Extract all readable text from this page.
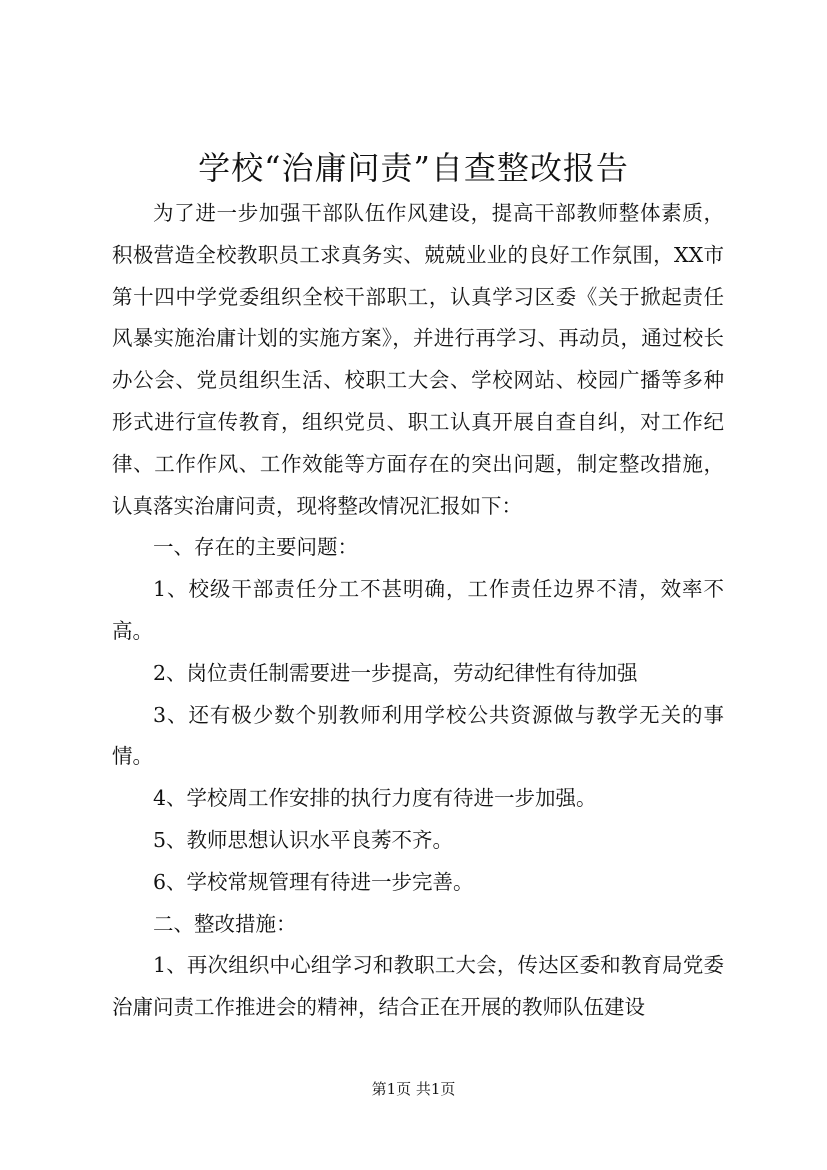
学校“治庸问责”自查整改报告

为了进一步加强干部队伍作风建设，提高干部教师整体素质，积极营造全校教职员工求真务实、兢兢业业的良好工作氛围，XX市第十四中学党委组织全校干部职工，认真学习区委《关于掀起责任风暴实施治庸计划的实施方案》，并进行再学习、再动员，通过校长办公会、党员组织生活、校职工大会、学校网站、校园广播等多种形式进行宣传教育，组织党员、职工认真开展自查自纠，对工作纪律、工作作风、工作效能等方面存在的突出问题，制定整改措施，认真落实治庸问责，现将整改情况汇报如下：

一、存在的主要问题：

1、校级干部责任分工不甚明确，工作责任边界不清，效率不高。

2、岗位责任制需要进一步提高，劳动纪律性有待加强

3、还有极少数个别教师利用学校公共资源做与教学无关的事情。

4、学校周工作安排的执行力度有待进一步加强。

5、教师思想认识水平良莠不齐。

6、学校常规管理有待进一步完善。

二、整改措施：

1、再次组织中心组学习和教职工大会，传达区委和教育局党委治庸问责工作推进会的精神，结合正在开展的教师队伍建设

第1页 共1页
